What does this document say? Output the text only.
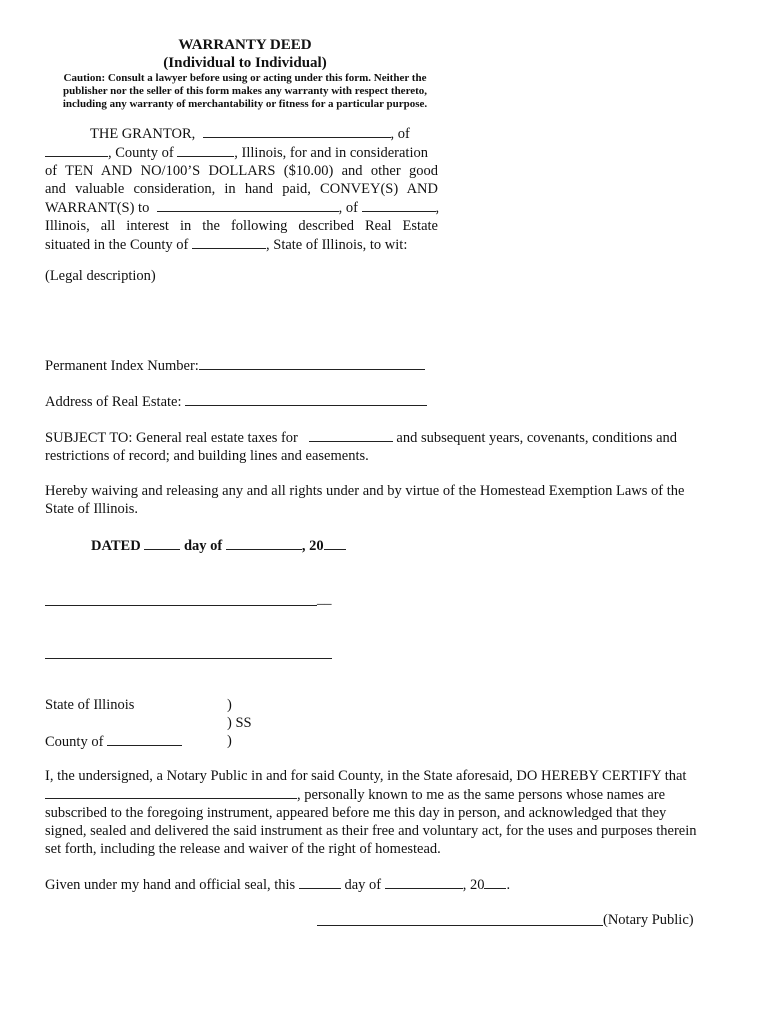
WARRANTY DEED
(Individual to Individual)
Caution: Consult a lawyer before using or acting under this form. Neither the
publisher nor the seller of this form makes any warranty with respect thereto,
including any warranty of merchantability or fitness for a particular purpose.
THE GRANTOR,	, of
, County of	, Illinois, for and in consideration
of TEN AND NO/100’S DOLLARS ($10.00) and other good
and valuable consideration, in hand paid, CONVEY(S) AND
WARRANT(S) to	, of	,
Illinois, all interest in the following described Real Estate
situated in the County of	, State of Illinois, to wit:
(Legal description)
Permanent Index Number:
Address of Real Estate:
SUBJECT TO: General real estate taxes for	and subsequent years, covenants, conditions and
restrictions of record; and building lines and easements.
Hereby waiving and releasing any and all rights under and by virtue of the Homestead Exemption Laws of the
State of Illinois.
DATED	day of	, 20
__
State of Illinois
County of
)
) SS
)
I, the undersigned, a Notary Public in and for said County, in the State aforesaid, DO HEREBY CERTIFY that
, personally known to me as the same persons whose names are
subscribed to the foregoing instrument, appeared before me this day in person, and acknowledged that they
signed, sealed and delivered the said instrument as their free and voluntary act, for the uses and purposes therein
set forth, including the release and waiver of the right of homestead.
Given under my hand and official seal, this	day of	, 20 .
(Notary Public)
